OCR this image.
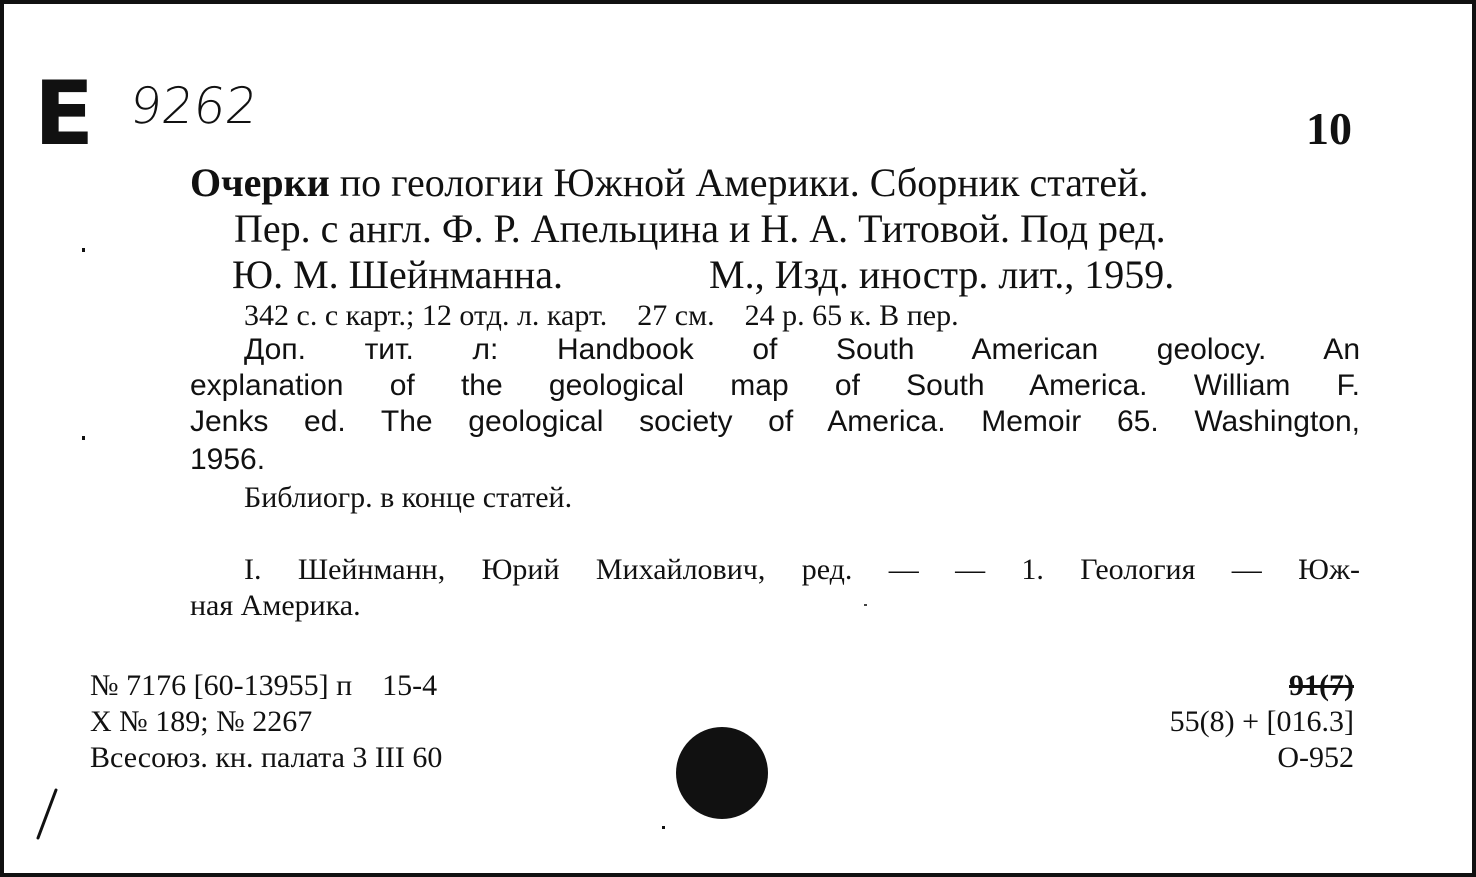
E 9262	10
Очерки по геологии Южной Америки. Сборник статей.
Пер. с англ. Ф. Р. Апельцина и Н. А. Титовой. Под ред.
Ю. М. Шейнманна.	М., Изд. иностр. лит., 1959.
342 с. с карт.; 12 отд. л. карт.    27 см.    24 р. 65 к. В пер.
Доп. тит. л: Handbook of South American geolocy. An
explanation of the geological map of South America. William F.
Jenks ed. The geological society of America. Memoir 65. Washington,
1956.
Библиогр. в конце статей.
I. Шейнманн, Юрий Михайлович, ред. — — 1. Геология — Юж-
ная Америка.
№ 7176 [60-13955] п    15-4
X № 189; № 2267
Всесоюз. кн. палата 3 III 60
91(7)
55(8) + [016.3]
О-952
